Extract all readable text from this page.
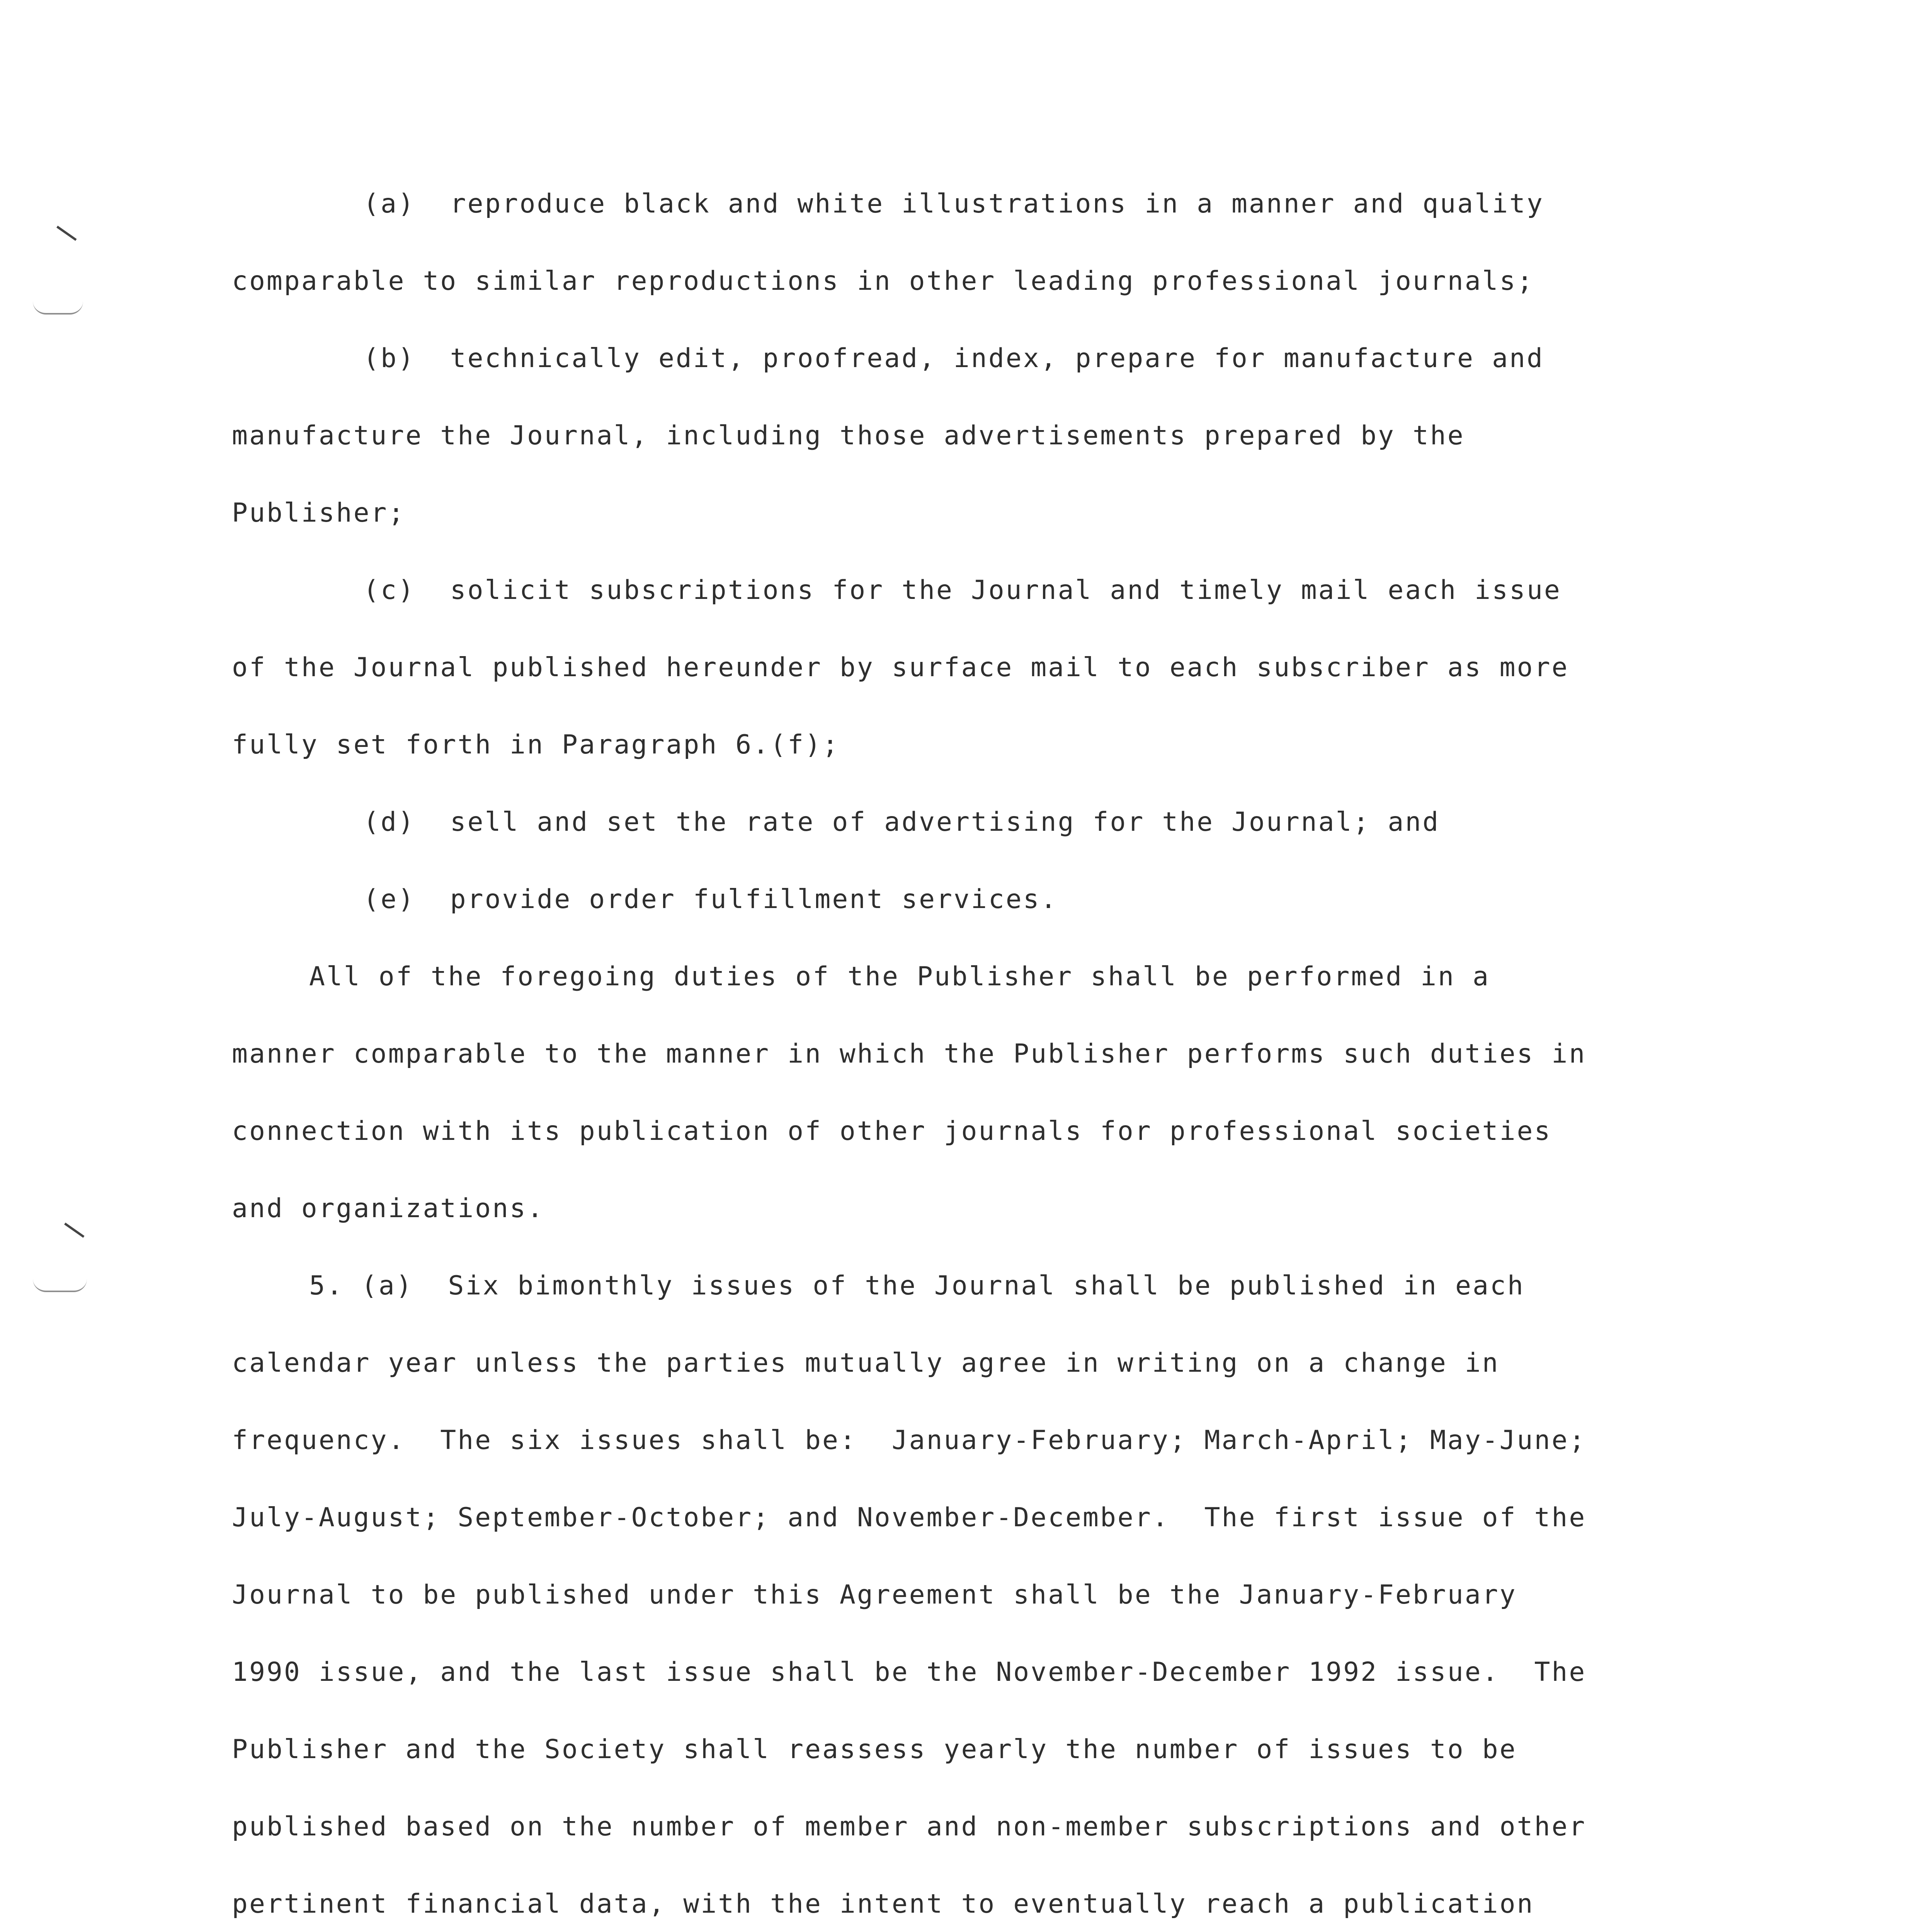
(a)  reproduce black and white illustrations in a manner and quality
comparable to similar reproductions in other leading professional journals;
(b)  technically edit, proofread, index, prepare for manufacture and
manufacture the Journal, including those advertisements prepared by the
Publisher;
(c)  solicit subscriptions for the Journal and timely mail each issue
of the Journal published hereunder by surface mail to each subscriber as more
fully set forth in Paragraph 6.(f);
(d)  sell and set the rate of advertising for the Journal; and
(e)  provide order fulfillment services.
All of the foregoing duties of the Publisher shall be performed in a
manner comparable to the manner in which the Publisher performs such duties in
connection with its publication of other journals for professional societies
and organizations.
5. (a)  Six bimonthly issues of the Journal shall be published in each
calendar year unless the parties mutually agree in writing on a change in
frequency.  The six issues shall be:  January-February; March-April; May-June;
July-August; September-October; and November-December.  The first issue of the
Journal to be published under this Agreement shall be the January-February
1990 issue, and the last issue shall be the November-December 1992 issue.  The
Publisher and the Society shall reassess yearly the number of issues to be
published based on the number of member and non-member subscriptions and other
pertinent financial data, with the intent to eventually reach a publication
